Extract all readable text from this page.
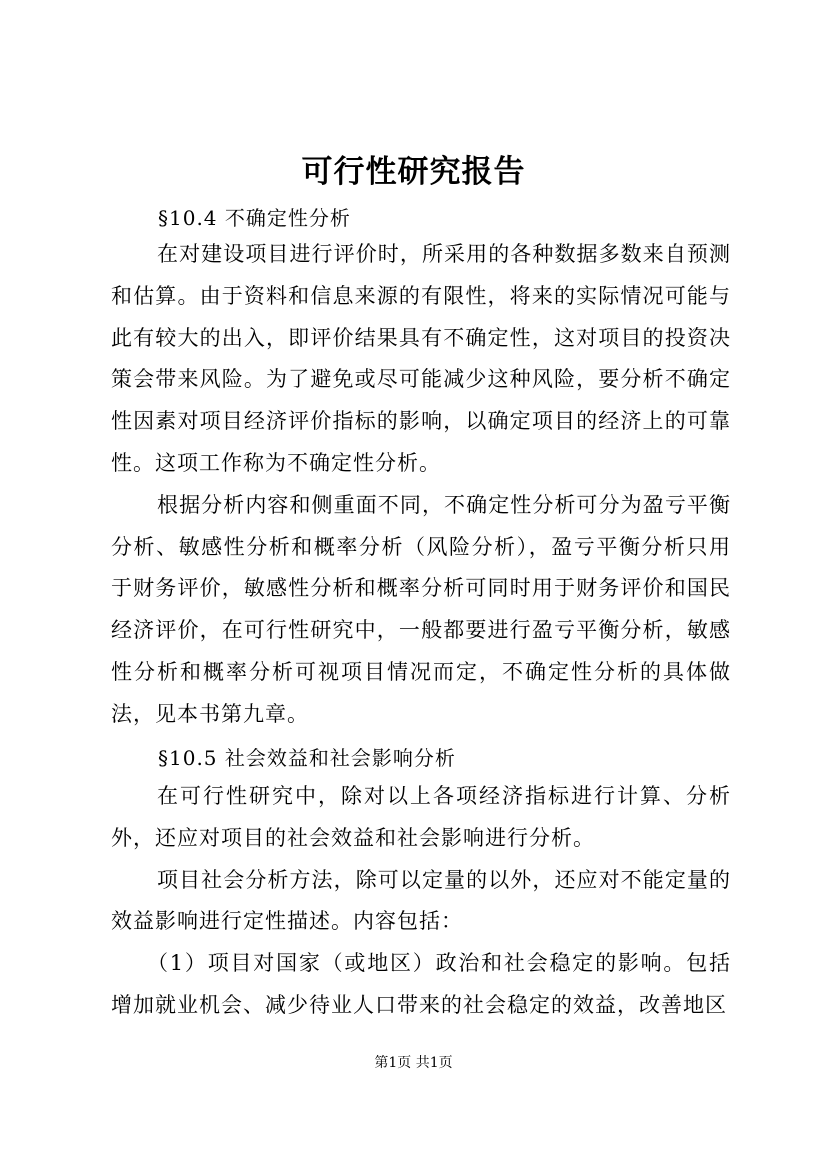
可行性研究报告
§10.4 不确定性分析

在对建设项目进行评价时，所采用的各种数据多数来自预测和估算。由于资料和信息来源的有限性，将来的实际情况可能与此有较大的出入，即评价结果具有不确定性，这对项目的投资决策会带来风险。为了避免或尽可能减少这种风险，要分析不确定性因素对项目经济评价指标的影响，以确定项目的经济上的可靠性。这项工作称为不确定性分析。

根据分析内容和侧重面不同，不确定性分析可分为盈亏平衡分析、敏感性分析和概率分析（风险分析），盈亏平衡分析只用于财务评价，敏感性分析和概率分析可同时用于财务评价和国民经济评价，在可行性研究中，一般都要进行盈亏平衡分析，敏感性分析和概率分析可视项目情况而定，不确定性分析的具体做法，见本书第九章。

§10.5 社会效益和社会影响分析

在可行性研究中，除对以上各项经济指标进行计算、分析外，还应对项目的社会效益和社会影响进行分析。

项目社会分析方法，除可以定量的以外，还应对不能定量的效益影响进行定性描述。内容包括：

（1）项目对国家（或地区）政治和社会稳定的影响。包括增加就业机会、减少待业人口带来的社会稳定的效益，改善地区

第1页 共1页
